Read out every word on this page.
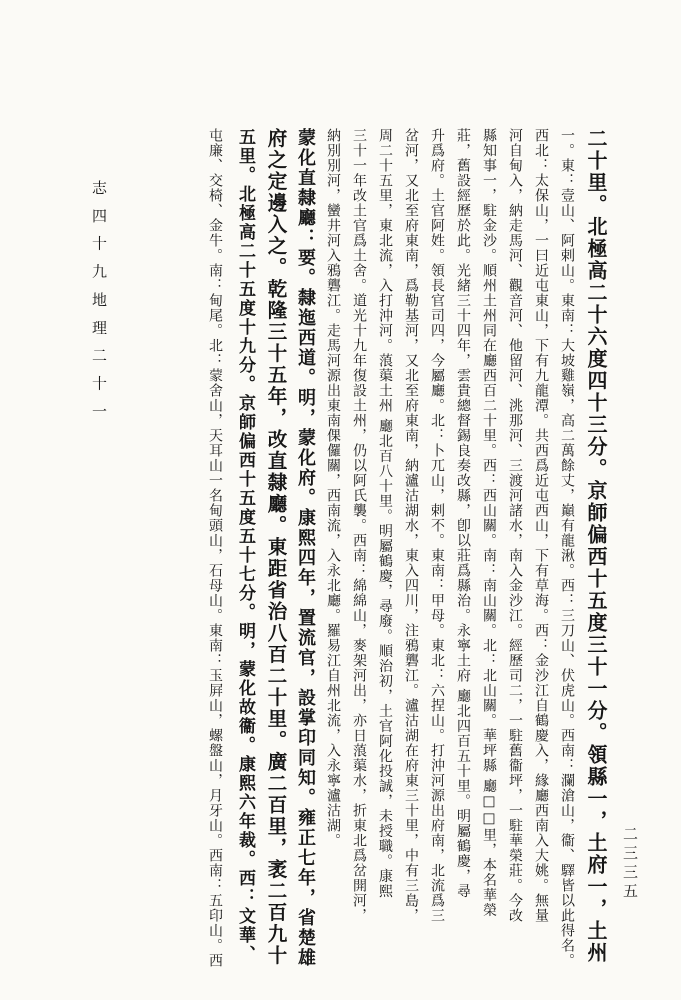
二三三五
志 四 十 九
地 理 二 十 一	二十里。北極高二十六度四十三分。京師偏西十五度三十一分。領縣一，土府一，土州
一。東：壹山、阿剌山。東南：大坡雞嶺，高二萬餘丈，巔有龍湫。西：三刀山、伏虎山。西南：瀾滄山，衞、驛皆以此得名。
西北：太保山，一曰近屯東山，下有九龍潭。共西爲近屯西山，下有草海。西：金沙江自鶴慶入，緣廳西南入大姚。無量
河自甸入，納走馬河、觀音河、他留河、洮那河、三渡河諸水，南入金沙江。經歷司二，一駐舊衞坪，一駐華榮莊。今改
縣知事一，駐金沙。順州土州同在廳西百二十里。西：西山關。南：南山關。北：北山關。華坪縣 廳□□里，本名華榮
莊，舊設經歷於此。光緒三十四年，雲貴總督錫良奏改縣，卽以莊爲縣治。永寧土府 廳北四百五十里。明屬鶴慶，尋
升爲府。土官阿姓。領長官司四，今屬廳。北：卜兀山，剌不。東南：甲母。東北：六捏山。打沖河源出府南，北流爲三
岔河，又北至府東南，爲勒基河，又北至府東南，納瀘沽湖水，東入四川，注鴉礱江。瀘沽湖在府東三十里，中有三島，
周二十五里，東北流，入打沖河。蒗蕖土州 廳北百八十里。明屬鶴慶，尋廢。順治初，土官阿化投誠，未授職。康熙
三十一年改土官爲土舍。道光十九年復設土州，仍以阿氏襲。西南：綿綿山，麥架河出，亦日蒗蕖水，折東北爲岔開河，
納別別河，蠻井河入鴉礱江。走馬河源出東南倮儸關，西南流，入永北廳。羅易江自州北流，入永寧瀘沽湖。
蒙化直隸廳：要。隸迤西道。明，蒙化府。康熙四年，置流官，設掌印同知。雍正七年，省楚雄
府之定邊入之。乾隆三十五年，改直隸廳。東距省治八百二十里。廣二百里，袤二百九十
五里。北極高二十五度十九分。京師偏西十五度五十七分。明，蒙化故衞。康熙六年裁。西：文華、
屯廉、交椅、金牛。南：甸尾。北：蒙舍山，天耳山一名甸頭山，石母山。東南：玉屛山，螺盤山，月牙山。西南：五印山。西
